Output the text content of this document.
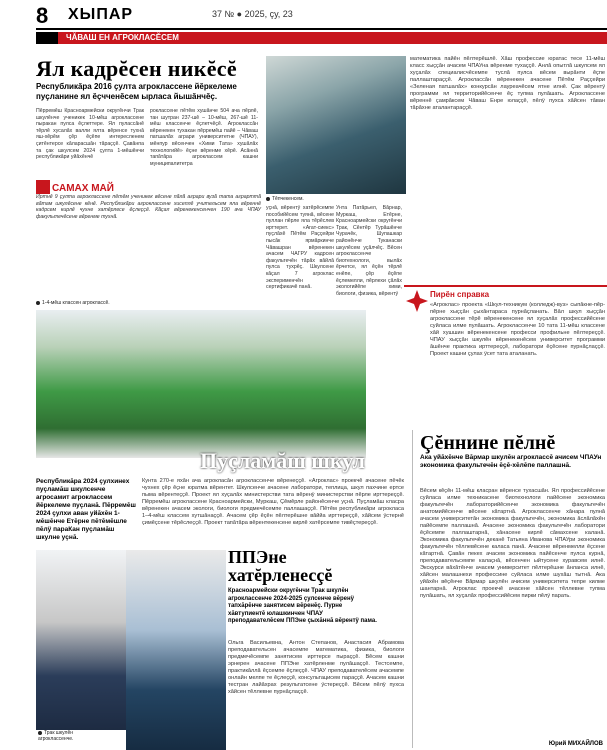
8 ХЫПАР	37 № ● 2025, çу, 23
ЧĂВАШ ЕН АГРОКЛАСĔСЕМ
Ял кадрĕсен никĕсĕ
Республикăра 2016 çулта агроклассене йĕркелеме пуçланине ял ĕçчченĕсем ырласа йышăнчĕç.
Пĕрремĕш Красноармейски округĕнчи Трак шкулĕнче ученикек 10-мĕш агроклассене пыракан пулса ĕçлеттере. Ял пулассăнĕ тĕрлĕ хусалăх валли ялта вĕренсе тухнă яш-хĕрĕм çĕр ĕçĕпе интересленем çитĕнтерсе кăларасшăн тăраççĕ. Çавăнпа та çак шкулсем 2024 çулта 1-мĕшĕнчи республикăри уйăхĕнчĕ
роклассене пĕтĕм хушăнче 504 ача пĕрлĕ, тан шутран 237-шĕ – 10-мĕш, 267-шĕ 11-мĕш классенче ĕçлетчĕçĕ. Агроклассăн вĕренекен тухакан пĕрремĕш пайĕ – Чăваш патшалăх аграри университетне (ЧПАУ), мĕнпур вĕсенчен «Хими Тата» хушăлăх технологийĕ» ĕçне вĕренме хĕрĕ. Асăннă тапăтăра агроклассем кашни муниципалитетра
САМАХ МАЙ
Иртнĕ 9 çулта агроклассене пĕтĕм ученикек вĕсене пăлă аграри вузă тата аграрттă вăтам шкулĕсене кĕнĕ. Республикăри агроклассене хисеплĕ учительсем яла вĕреннĕ кадрсем кирлĕ чухне хатĕрлесе ĕçлеççĕ. Кăçал вĕренекенсенчен 190 ача ЧПАУ факультечĕсене вĕренме тухнă.
Тĕпчекенсем.
уçнă, вĕрентÿ хатĕрĕсемпе пособийĕсем туянă, вĕсене пуллан пĕрле яла тĕрĕслев ирттерет. «Агат-сиекс» пуçлăхĕ Пĕтĕм Раççейри пысăк ярмăркинче Чăвашран вĕренекен ачасем ЧАГРУ кадрсен факультечĕн тăрăх вăйлă пулса тухрĕç. Шкулсене кăçал 7 агроклас эксперименчĕн сертификачĕ панă.
Унта Патăрьел, Вăрнар, Муркаш, Етĕрне, Красноармейски округĕнчи Трак, Сĕнтĕр Турăшĕнче Чурачĕк, Шупашкар районĕнче Туканаски шкулĕсем уçăлчĕç. Вĕсен агроклассенче биотехнологи, вылăх ĕрчетсе, ял ĕçĕн тĕрлĕ енĕпе, çĕр ĕçĕпе ĕçлемелли, пĕрлехи çăлăх экологийĕпе хими, биологи, физика, вĕрентÿ
математика пайĕн пĕлтерĕшлĕ. Хăш профессие юратас тесе 11-мĕш класс хыççăн ачасем ЧПАУна вĕренме тухаççĕ. Анлă опытлă шкулсем ял хуçалăх специалисчĕсемпе туслă пулса вĕсем вырăнти ĕçпе паллаштараççĕ. Агроклассăн вĕренекен ачасене Пĕтĕм Раççейри «Зеленая патшалăх» конкурсăн лауреачĕсем ятне илнĕ. Çак вĕрентÿ программи ял территорийĕсенче ĕç тупма пулăшать. Агроклассене вĕреннĕ çамрăксем Чăваш Енре юлаççĕ, пĕлÿ пухса хăйсен тăван тăрăхне аталантараççĕ.
Пирĕн справка
«Агроклас» проекта «Шкул-техникум (колледж)-вуз» сыпăкне-пĕр-пĕрне хыççăн çыхăнтараса пурнăçланать. Вăл шкул хыççăн агроклассене тĕрĕ вĕренекенсене ял хуçалăх профессийĕсене суйласа илме пулăшать. Агроклассенче 10 тата 11-мĕш классене хăй хушшин вĕренекенсене професси профильне пĕлтереççĕ. ЧПАУ хыççăн шкулĕн вĕренекенĕсем университет программи ăшĕнче практика ирттереççĕ, лаборатори ĕçĕсене пурнăçлаççĕ. Проект кашни çулах ÿсет тата аталанать.
1-4-мĕш классен агроклассĕ.
Пуçламăш шкул
Республикăра 2024 çулхинех пуçламăш шкулсенче агросамит агроклассем йĕркелеме пуçланă. Пĕрремĕш 2024 çулхи аван уйăхĕн 1-мĕшĕнче Етĕрне пĕтĕмĕшле пĕлÿ параКан пуçламăш шкулне уçнă.
Кунта 270-е яхăн ача агрокласăн агроклассенче вĕренеççĕ. «Агроклас» проекчĕ ачасене пĕчĕк чухнех çĕр ĕçне юратма вĕрентет. Шкулсенче ачасене лаборатори, теплица, шкул пахчине ертсе пыма вĕрентеççĕ. Проект ял хуçалăх министерстви тата вĕренÿ министерстви пĕрле ирттереççĕ. Пĕрремĕш агроклассене Красноармейски, Муркаш, Çĕмĕрле районĕсенче уçнă. Пуçламăш класра вĕренекен ачасем экологи, биологи предмечĕсемпе паллашаççĕ. Пĕтĕм республикăри агрокласа 1–4-мĕш классем хутшăнаççĕ. Ачасем çĕр ĕçĕн пĕлтерĕшне вăййа ирттереççĕ, хăйсем ÿстернĕ çимĕçсене тĕрĕслеççĕ. Проект тапăтăра вĕрентекенсене кирлĕ хатĕрсемпе тивĕçтереççĕ.
Трак шкулĕн агроклассенче.
ППЭне хатĕрленесçĕ
Красноармейски округĕнчи Трак шкулĕн агроклассенче 2024-2025 çулсенче вĕренÿ тапхăрĕнче занятисем вĕренĕç. Пурне хăвтупиентĕ юлашкинчен ЧПАУ преподавателĕсем ППЭне çыхăннă вĕрентÿ пама.
Ольга Васильевна, Антон Степанов, Анастасия Абрамова преподавательсен ачасемпе математика, физика, биологи предмечĕсемпе занятисем ирттерсе пыраççĕ. Вĕсем кашни эрнерен ачасене ППЭне хатĕрленме пулăшаççĕ. Тестсемпе, практикăллă ĕçсемпе ĕçлеççĕ. ЧПАУ преподавателĕсем ачасемпе онлайн мелпе те ĕçлеççĕ, консультацисем параççĕ. Ачасем кашни тестран лайăхрах результатсене ÿстереççĕ. Вĕсем пĕлÿ пухса хăйсен тĕллевне пурнăçлаççĕ.
Çĕннине пĕлнĕ
Ака уйăхĕнче Вăрмар шкулĕн агроклассĕ ачисем ЧПАУн экономика факультечĕн ĕçĕ-хĕлĕпе паллашнă.
Вĕсем кĕçĕн 11-мĕш класран вĕренсе тухасшăн. Ял профессийĕсене суйласа илме техникасене биотехнологи пайĕсене экономика факультечĕн лабораторийĕсенче экономика факультечĕн анатомийĕсенче вĕсене кăтартнă. Агроклассенче хăнара пулнă ачасем университетăн экономика факультечĕн, экономика ăслăлăхĕн пайĕсемпе паллашнă. Ачасене экономика факультечĕн лаборатори ĕçĕсемпе паллаштарнă, хăнасене кирлĕ сăмахсене каланă. Экономика факультечĕн деканĕ Татьяна Иванова ЧПАУри экономика факультечĕн тĕллевĕсене каласа панă. Ачасене вĕренмелли ĕçсене кăтартнă. Çавăн пекех ачасем экономика пайĕсенче пулса курнă, преподавательсемпе калаçнă, вĕсенчен ыйтусене хуравсем илнĕ. Экскурси вăхăтĕнче ачасем университет пĕлтерĕшне ăнланса илнĕ, хăйсен малашнехи профессине суйласа илме шухăш тытнă. Ака уйăхĕн вĕçĕнче Вăрмар шкулĕн ачисем университета тепре килме шантарнă. Агроклас проекчĕ ачасене хăйсен тĕллевне тупма пулăшать, ял хуçалăх профессийĕсем пирки пĕлÿ парать.
Юрий МИХАЙЛОВ
